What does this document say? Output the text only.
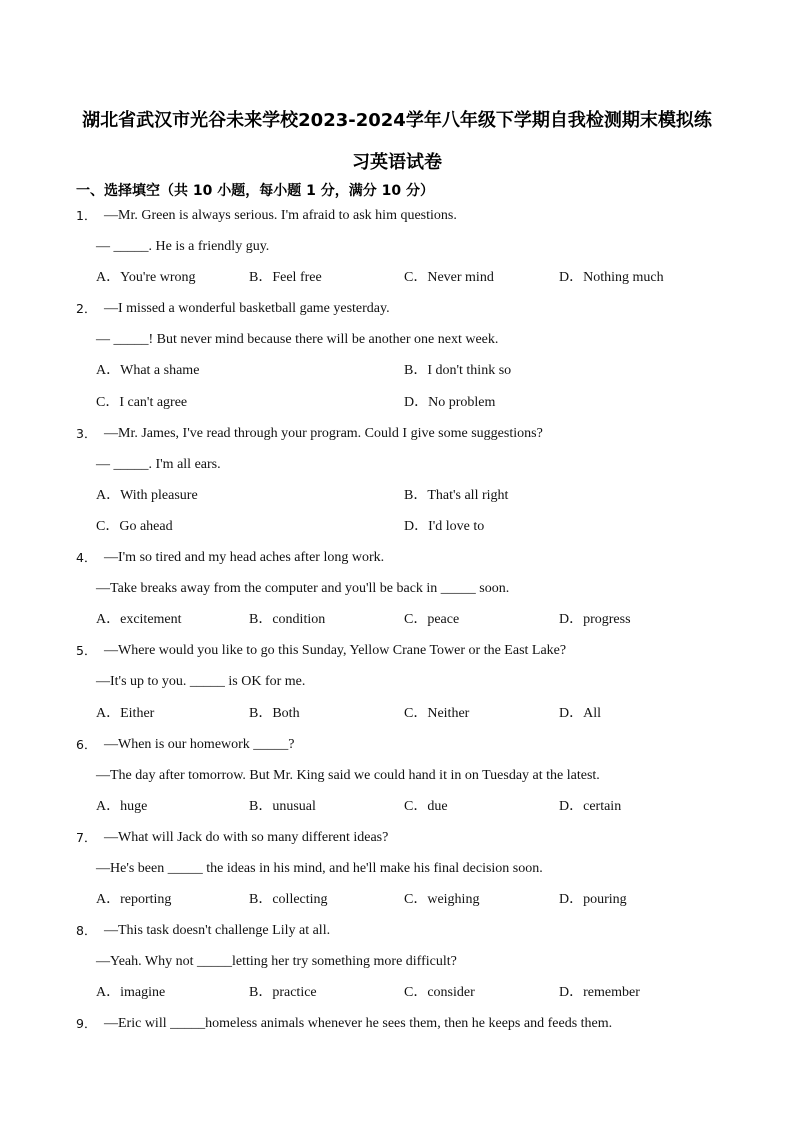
湖北省武汉市光谷未来学校2023-2024学年八年级下学期自我检测期末模拟练
习英语试卷
一、选择填空（共 10 小题，每小题 1 分，满分 10 分）
1． —Mr. Green is always serious. I'm afraid to ask him questions.
— _____. He is a friendly guy.
A．You're wrong	B．Feel free	C．Never mind	D．Nothing much
2． —I missed a wonderful basketball game yesterday.
— _____! But never mind because there will be another one next week.
A．What a shame	B．I don't think so
C．I can't agree	D．No problem
3． —Mr. James, I've read through your program. Could I give some suggestions?
— _____. I'm all ears.
A．With pleasure	B．That's all right
C．Go ahead	D．I'd love to
4． —I'm so tired and my head aches after long work.
—Take breaks away from the computer and you'll be back in _____ soon.
A．excitement	B．condition	C．peace	D．progress
5． —Where would you like to go this Sunday, Yellow Crane Tower or the East Lake?
—It's up to you. _____ is OK for me.
A．Either	B．Both	C．Neither	D．All
6． —When is our homework _____?
—The day after tomorrow. But Mr. King said we could hand it in on Tuesday at the latest.
A．huge	B．unusual	C．due	D．certain
7． —What will Jack do with so many different ideas?
—He's been _____ the ideas in his mind, and he'll make his final decision soon.
A．reporting	B．collecting	C．weighing	D．pouring
8． —This task doesn't challenge Lily at all.
—Yeah. Why not _____letting her try something more difficult?
A．imagine	B．practice	C．consider	D．remember
9． —Eric will _____homeless animals whenever he sees them, then he keeps and feeds them.
